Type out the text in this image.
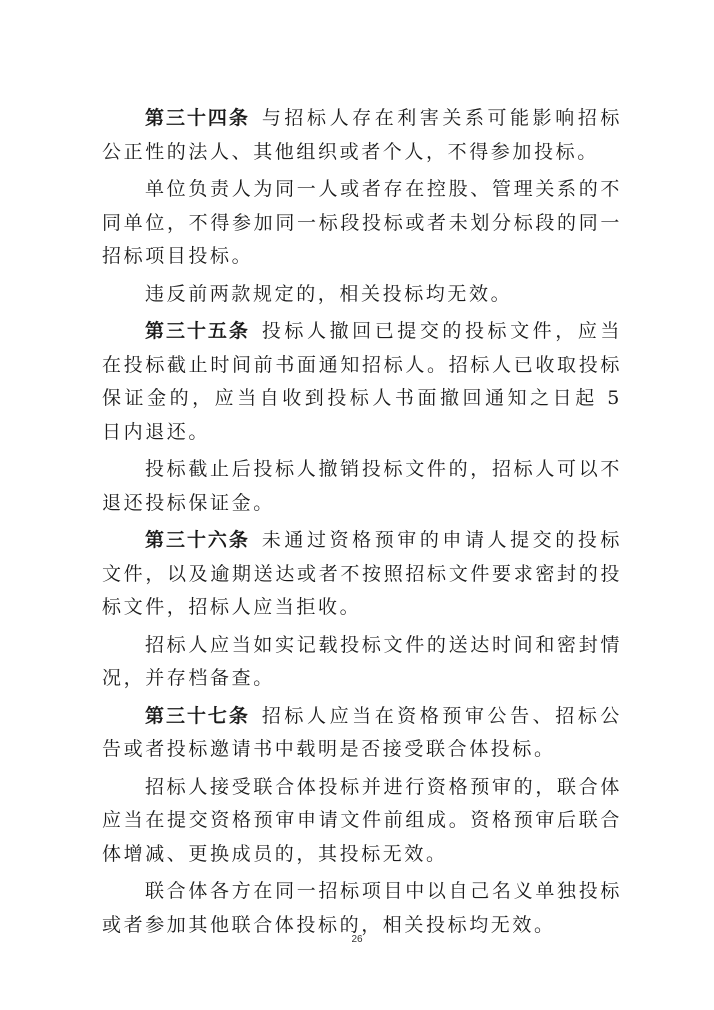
第三十四条 与招标人存在利害关系可能影响招标公正性的法人、其他组织或者个人，不得参加投标。

单位负责人为同一人或者存在控股、管理关系的不同单位，不得参加同一标段投标或者未划分标段的同一招标项目投标。

违反前两款规定的，相关投标均无效。

第三十五条 投标人撤回已提交的投标文件，应当在投标截止时间前书面通知招标人。招标人已收取投标保证金的，应当自收到投标人书面撤回通知之日起 5 日内退还。

投标截止后投标人撤销投标文件的，招标人可以不退还投标保证金。

第三十六条 未通过资格预审的申请人提交的投标文件，以及逾期送达或者不按照招标文件要求密封的投标文件，招标人应当拒收。

招标人应当如实记载投标文件的送达时间和密封情况，并存档备查。

第三十七条 招标人应当在资格预审公告、招标公告或者投标邀请书中载明是否接受联合体投标。

招标人接受联合体投标并进行资格预审的，联合体应当在提交资格预审申请文件前组成。资格预审后联合体增减、更换成员的，其投标无效。

联合体各方在同一招标项目中以自己名义单独投标或者参加其他联合体投标的，相关投标均无效。

26
